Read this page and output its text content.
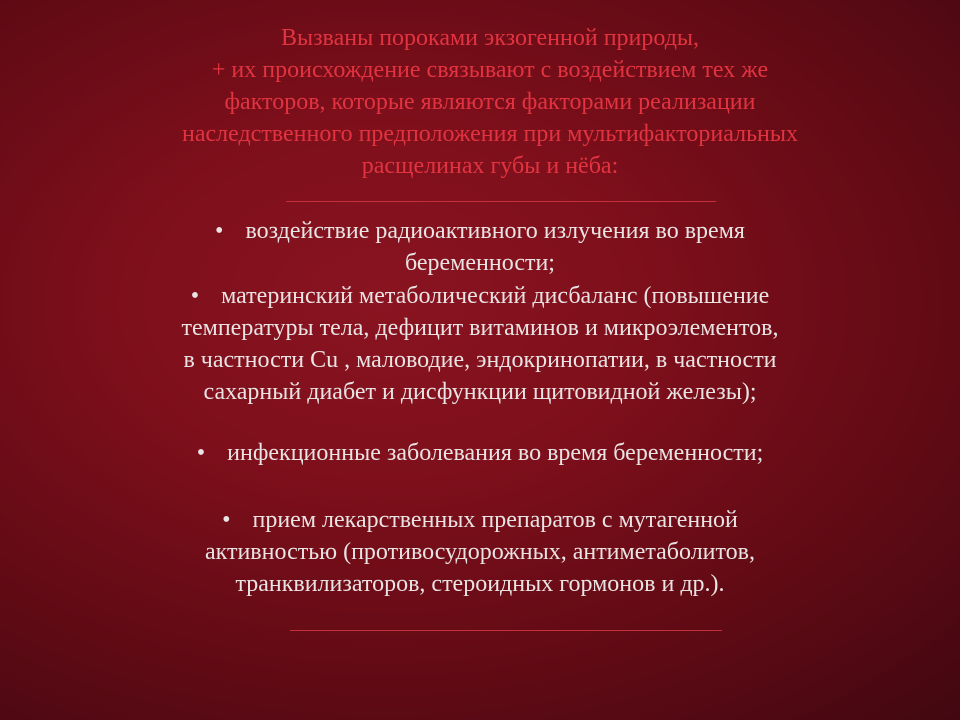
Вызваны пороками экзогенной природы,
+ их происхождение связывают с воздействием тех же
факторов, которые являются факторами реализации
наследственного предположения при мультифакториальных
расщелинах губы и нёба:
• воздействие радиоактивного излучения во время
беременности;
• материнский метаболический дисбаланс (повышение
температуры тела, дефицит витаминов и микроэлементов,
в частности Cu , маловодие, эндокринопатии, в частности
сахарный диабет и дисфункции щитовидной железы);
• инфекционные заболевания во время беременности;
• прием лекарственных препаратов с мутагенной
активностью (противосудорожных, антиметаболитов,
транквилизаторов, стероидных гормонов и др.).
